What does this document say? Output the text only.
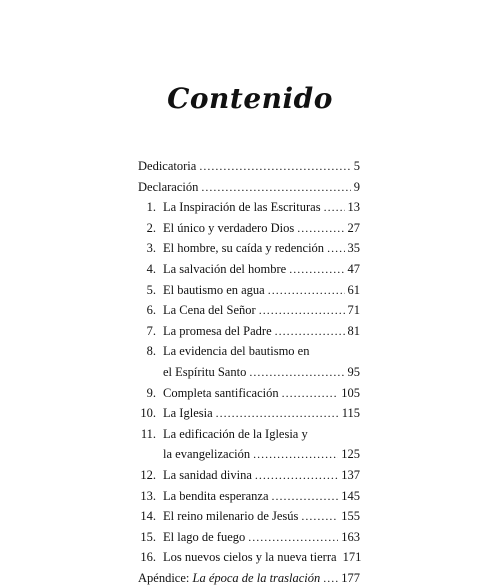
Contenido
Dedicatoria . . .	5
Declaración . . .	9
1. La Inspiración de las Escrituras . . . 13
2. El único y verdadero Dios . . .	27
3. El hombre, su caída y redención . . . 35
4. La salvación del hombre . . .	47
5. El bautismo en agua . . .	61
6. La Cena del Señor . . .	71
7. La promesa del Padre . . .	81
8. La evidencia del bautismo en
el Espíritu Santo . . .	95
9. Completa santificación . . .	105
10. La Iglesia . . .	115
11. La edificación de la Iglesia y
la evangelización . . .	125
12. La sanidad divina . . .	137
13. La bendita esperanza . . .	145
14. El reino milenario de Jesús . . .	155
15. El lago de fuego . . .	163
16. Los nuevos cielos y la nueva tierra 171
Apéndice: La época de la traslación . . . 177
